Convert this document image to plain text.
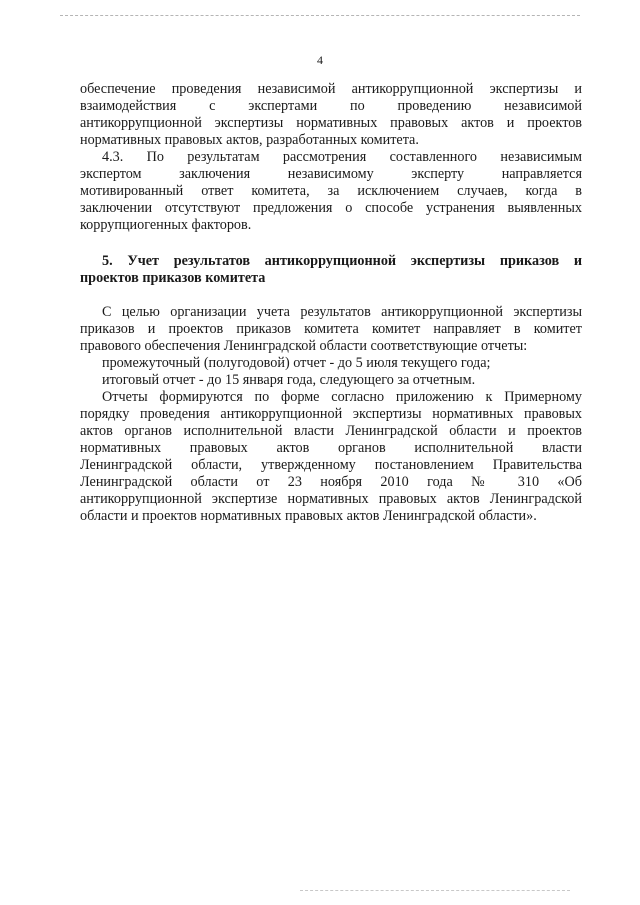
4
обеспечение проведения независимой антикоррупционной экспертизы и
взаимодействия с экспертами по проведению независимой
антикоррупционной экспертизы нормативных правовых актов и проектов
нормативных правовых актов, разработанных комитета.
4.3. По результатам рассмотрения составленного независимым
экспертом заключения независимому эксперту направляется
мотивированный ответ комитета, за исключением случаев, когда в
заключении отсутствуют предложения о способе устранения выявленных
коррупциогенных факторов.
5. Учет результатов антикоррупционной экспертизы приказов и
проектов приказов комитета
С целью организации учета результатов антикоррупционной экспертизы
приказов и проектов приказов комитета комитет направляет в комитет
правового обеспечения Ленинградской области соответствующие отчеты:
промежуточный (полугодовой) отчет - до 5 июля текущего года;
итоговый отчет - до 15 января года, следующего за отчетным.
Отчеты формируются по форме согласно приложению к Примерному
порядку проведения антикоррупционной экспертизы нормативных правовых
актов органов исполнительной власти Ленинградской области и проектов
нормативных правовых актов органов исполнительной власти
Ленинградской области, утвержденному постановлением Правительства
Ленинградской области от 23 ноября 2010 года № 310 «Об
антикоррупционной экспертизе нормативных правовых актов Ленинградской
области и проектов нормативных правовых актов Ленинградской области».
